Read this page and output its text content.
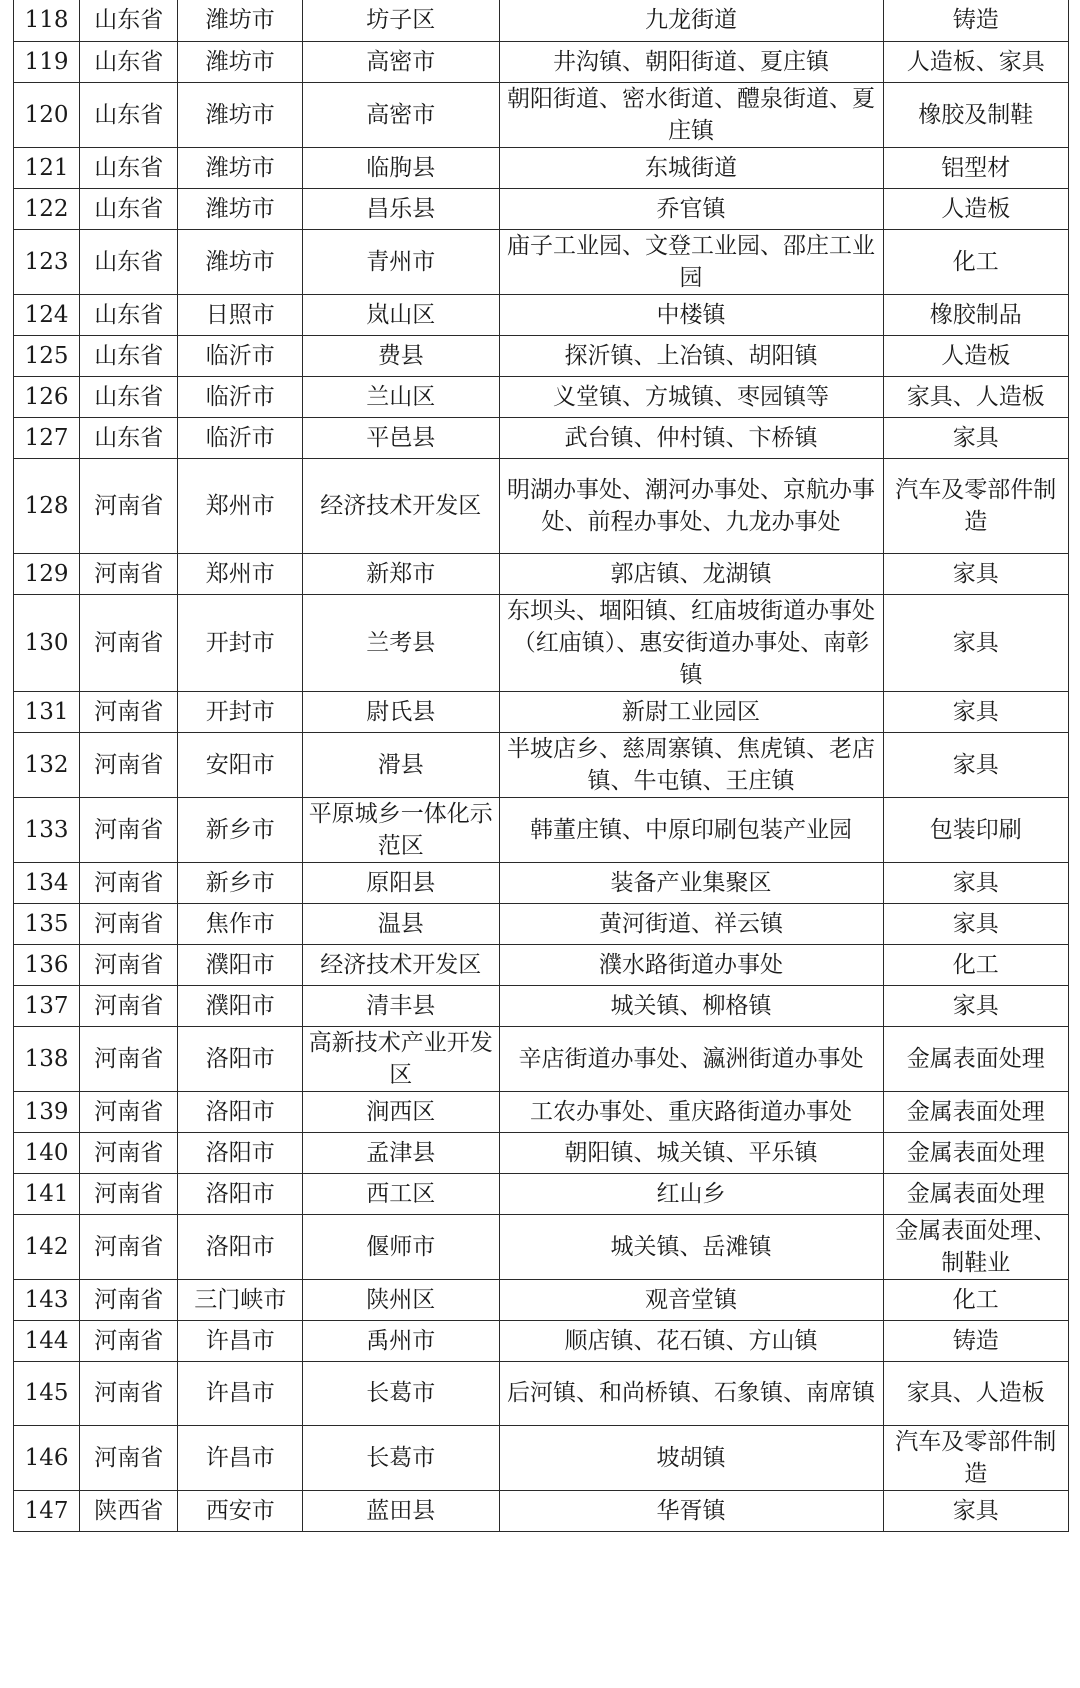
118	山东省	潍坊市	坊子区	九龙街道	铸造
119	山东省	潍坊市	高密市	井沟镇、朝阳街道、夏庄镇	人造板、家具
120	山东省	潍坊市	高密市	朝阳街道、密水街道、醴泉街道、夏庄镇	橡胶及制鞋
121	山东省	潍坊市	临朐县	东城街道	铝型材
122	山东省	潍坊市	昌乐县	乔官镇	人造板
123	山东省	潍坊市	青州市	庙子工业园、文登工业园、邵庄工业园	化工
124	山东省	日照市	岚山区	中楼镇	橡胶制品
125	山东省	临沂市	费县	探沂镇、上冶镇、胡阳镇	人造板
126	山东省	临沂市	兰山区	义堂镇、方城镇、枣园镇等	家具、人造板
127	山东省	临沂市	平邑县	武台镇、仲村镇、卞桥镇	家具
128	河南省	郑州市	经济技术开发区	明湖办事处、潮河办事处、京航办事处、前程办事处、九龙办事处	汽车及零部件制造
129	河南省	郑州市	新郑市	郭店镇、龙湖镇	家具
130	河南省	开封市	兰考县	东坝头、堌阳镇、红庙坡街道办事处（红庙镇）、惠安街道办事处、南彰镇	家具
131	河南省	开封市	尉氏县	新尉工业园区	家具
132	河南省	安阳市	滑县	半坡店乡、慈周寨镇、焦虎镇、老店镇、牛屯镇、王庄镇	家具
133	河南省	新乡市	平原城乡一体化示范区	韩董庄镇、中原印刷包装产业园	包装印刷
134	河南省	新乡市	原阳县	装备产业集聚区	家具
135	河南省	焦作市	温县	黄河街道、祥云镇	家具
136	河南省	濮阳市	经济技术开发区	濮水路街道办事处	化工
137	河南省	濮阳市	清丰县	城关镇、柳格镇	家具
138	河南省	洛阳市	高新技术产业开发区	辛店街道办事处、瀛洲街道办事处	金属表面处理
139	河南省	洛阳市	涧西区	工农办事处、重庆路街道办事处	金属表面处理
140	河南省	洛阳市	孟津县	朝阳镇、城关镇、平乐镇	金属表面处理
141	河南省	洛阳市	西工区	红山乡	金属表面处理
142	河南省	洛阳市	偃师市	城关镇、岳滩镇	金属表面处理、制鞋业
143	河南省	三门峡市	陕州区	观音堂镇	化工
144	河南省	许昌市	禹州市	顺店镇、花石镇、方山镇	铸造
145	河南省	许昌市	长葛市	后河镇、和尚桥镇、石象镇、南席镇	家具、人造板
146	河南省	许昌市	长葛市	坡胡镇	汽车及零部件制造
147	陕西省	西安市	蓝田县	华胥镇	家具
